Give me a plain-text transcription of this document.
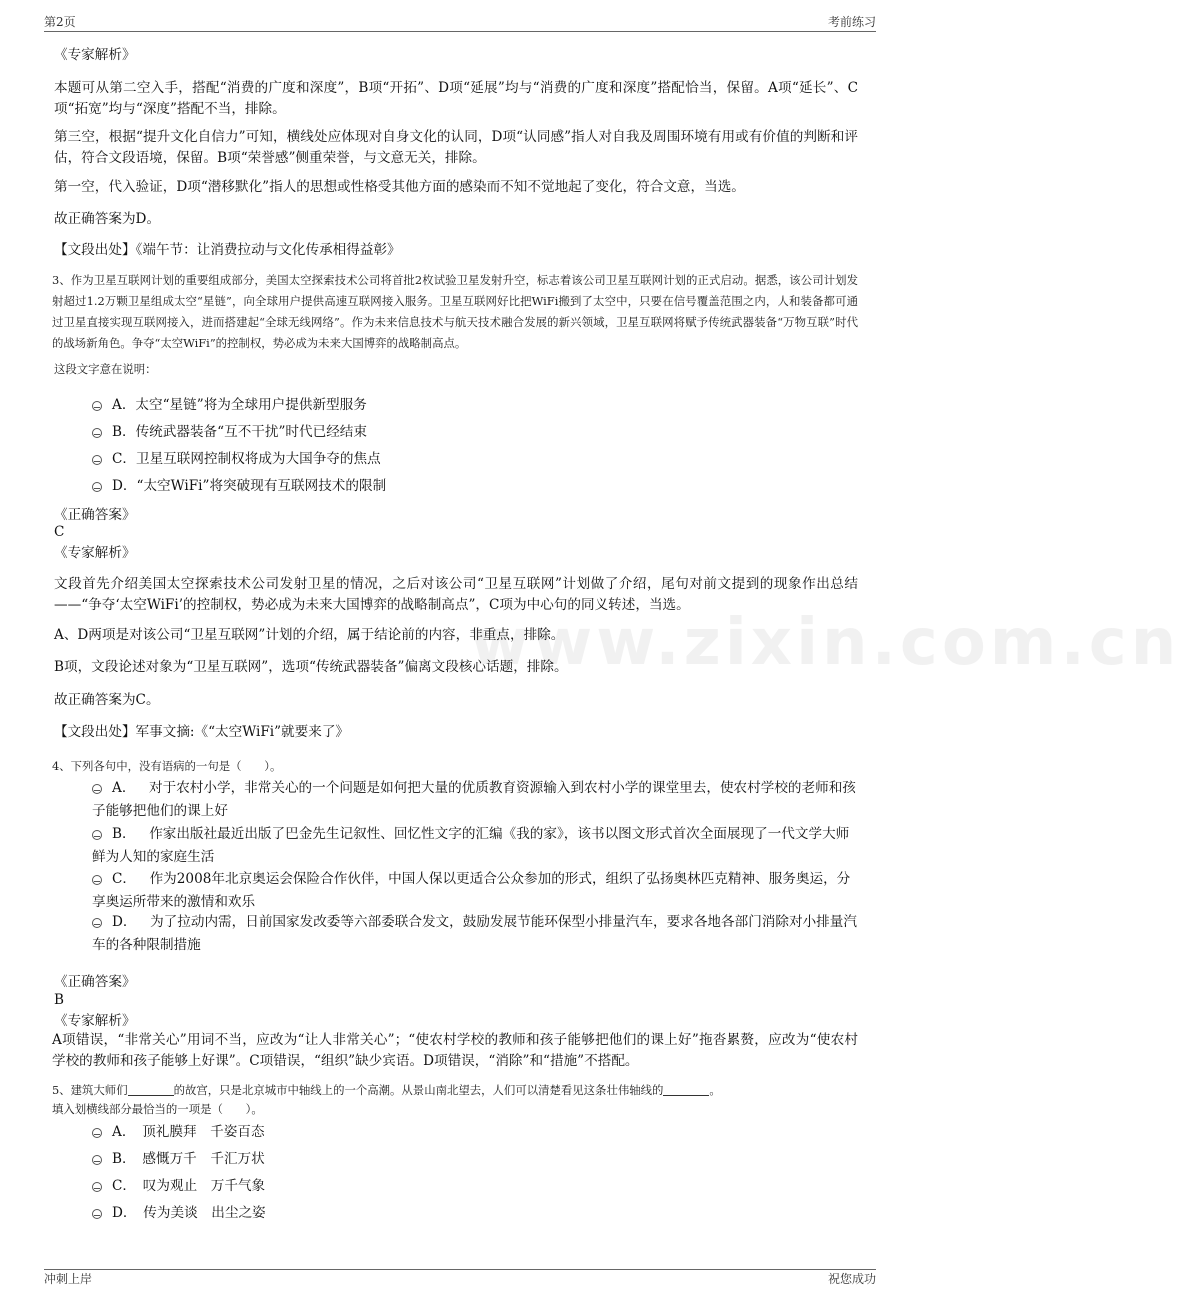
第2页	考前练习
www.zixin.com.cn
《专家解析》
本题可从第二空入手，搭配“消费的广度和深度”，B项“开拓”、D项“延展”均与“消费的广度和深度”搭配恰当，保留。A项“延长”、C项“拓宽”均与“深度”搭配不当，排除。
第三空，根据“提升文化自信力”可知，横线处应体现对自身文化的认同，D项“认同感”指人对自我及周围环境有用或有价值的判断和评估，符合文段语境，保留。B项“荣誉感”侧重荣誉，与文意无关，排除。
第一空，代入验证，D项“潜移默化”指人的思想或性格受其他方面的感染而不知不觉地起了变化，符合文意，当选。
故正确答案为D。
【文段出处】《端午节：让消费拉动与文化传承相得益彰》
3、作为卫星互联网计划的重要组成部分，美国太空探索技术公司将首批2枚试验卫星发射升空，标志着该公司卫星互联网计划的正式启动。据悉，该公司计划发射超过1.2万颗卫星组成太空“星链”，向全球用户提供高速互联网接入服务。卫星互联网好比把WiFi搬到了太空中，只要在信号覆盖范围之内，人和装备都可通过卫星直接实现互联网接入，进而搭建起“全球无线网络”。作为未来信息技术与航天技术融合发展的新兴领域，卫星互联网将赋予传统武器装备“万物互联”时代的战场新角色。争夺“太空WiFi”的控制权，势必成为未来大国博弈的战略制高点。
这段文字意在说明：
A．太空“星链”将为全球用户提供新型服务
B．传统武器装备“互不干扰”时代已经结束
C．卫星互联网控制权将成为大国争夺的焦点
D．“太空WiFi”将突破现有互联网技术的限制
《正确答案》
C
《专家解析》
文段首先介绍美国太空探索技术公司发射卫星的情况，之后对该公司“卫星互联网”计划做了介绍，尾句对前文提到的现象作出总结——“争夺‘太空WiFi’的控制权，势必成为未来大国博弈的战略制高点”，C项为中心句的同义转述，当选。
A、D两项是对该公司“卫星互联网”计划的介绍，属于结论前的内容，非重点，排除。
B项，文段论述对象为“卫星互联网”，选项“传统武器装备”偏离文段核心话题，排除。
故正确答案为C。
【文段出处】军事文摘:《“太空WiFi”就要来了》
4、下列各句中，没有语病的一句是（　　）。
A．  对于农村小学，非常关心的一个问题是如何把大量的优质教育资源输入到农村小学的课堂里去，使农村学校的老师和孩子能够把他们的课上好
B．  作家出版社最近出版了巴金先生记叙性、回忆性文字的汇编《我的家》，该书以图文形式首次全面展现了一代文学大师鲜为人知的家庭生活
C．  作为2008年北京奥运会保险合作伙伴，中国人保以更适合公众参加的形式，组织了弘扬奥林匹克精神、服务奥运，分享奥运所带来的激情和欢乐
D．  为了拉动内需，日前国家发改委等六部委联合发文，鼓励发展节能环保型小排量汽车，要求各地各部门消除对小排量汽车的各种限制措施
《正确答案》
B
《专家解析》
A项错误，“非常关心”用词不当，应改为“让人非常关心”；“使农村学校的教师和孩子能够把他们的课上好”拖沓累赘，应改为“使农村学校的教师和孩子能够上好课”。C项错误，“组织”缺少宾语。D项错误，“消除”和“措施”不搭配。
5、建筑大师们	的故宫，只是北京城市中轴线上的一个高潮。从景山南北望去，人们可以清楚看见这条壮伟轴线的	。
填入划横线部分最恰当的一项是（　　）。
A．  顶礼膜拜　千姿百态
B．  感慨万千　千汇万状
C．  叹为观止　万千气象
D．  传为美谈　出尘之姿
冲刺上岸	祝您成功
